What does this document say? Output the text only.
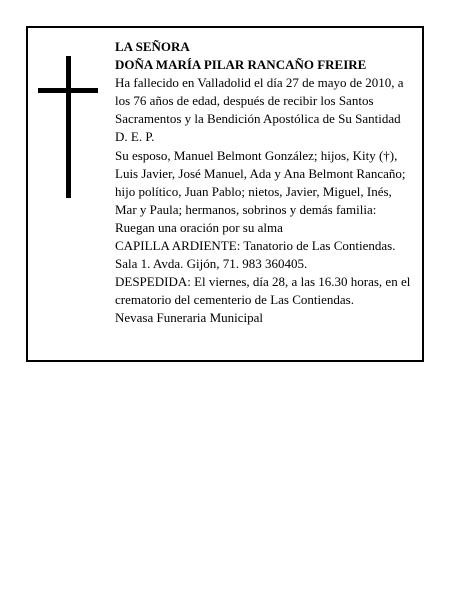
LA SEÑORA

DOÑA MARÍA PILAR RANCAÑO FREIRE

Ha fallecido en Valladolid el día 27 de mayo de 2010, a los 76 años de edad, después de recibir los Santos Sacramentos y la Bendición Apostólica de Su Santidad D. E. P.

Su esposo, Manuel Belmont González; hijos, Kity (†), Luis Javier, José Manuel, Ada y Ana Belmont Rancaño; hijo político, Juan Pablo; nietos, Javier, Miguel, Inés, Mar y Paula; hermanos, sobrinos y demás familia:

Ruegan una oración por su alma

CAPILLA ARDIENTE: Tanatorio de Las Contiendas. Sala 1. Avda. Gijón, 71. 983 360405.

DESPEDIDA: El viernes, día 28, a las 16.30 horas, en el crematorio del cementerio de Las Contiendas.

Nevasa Funeraria Municipal
